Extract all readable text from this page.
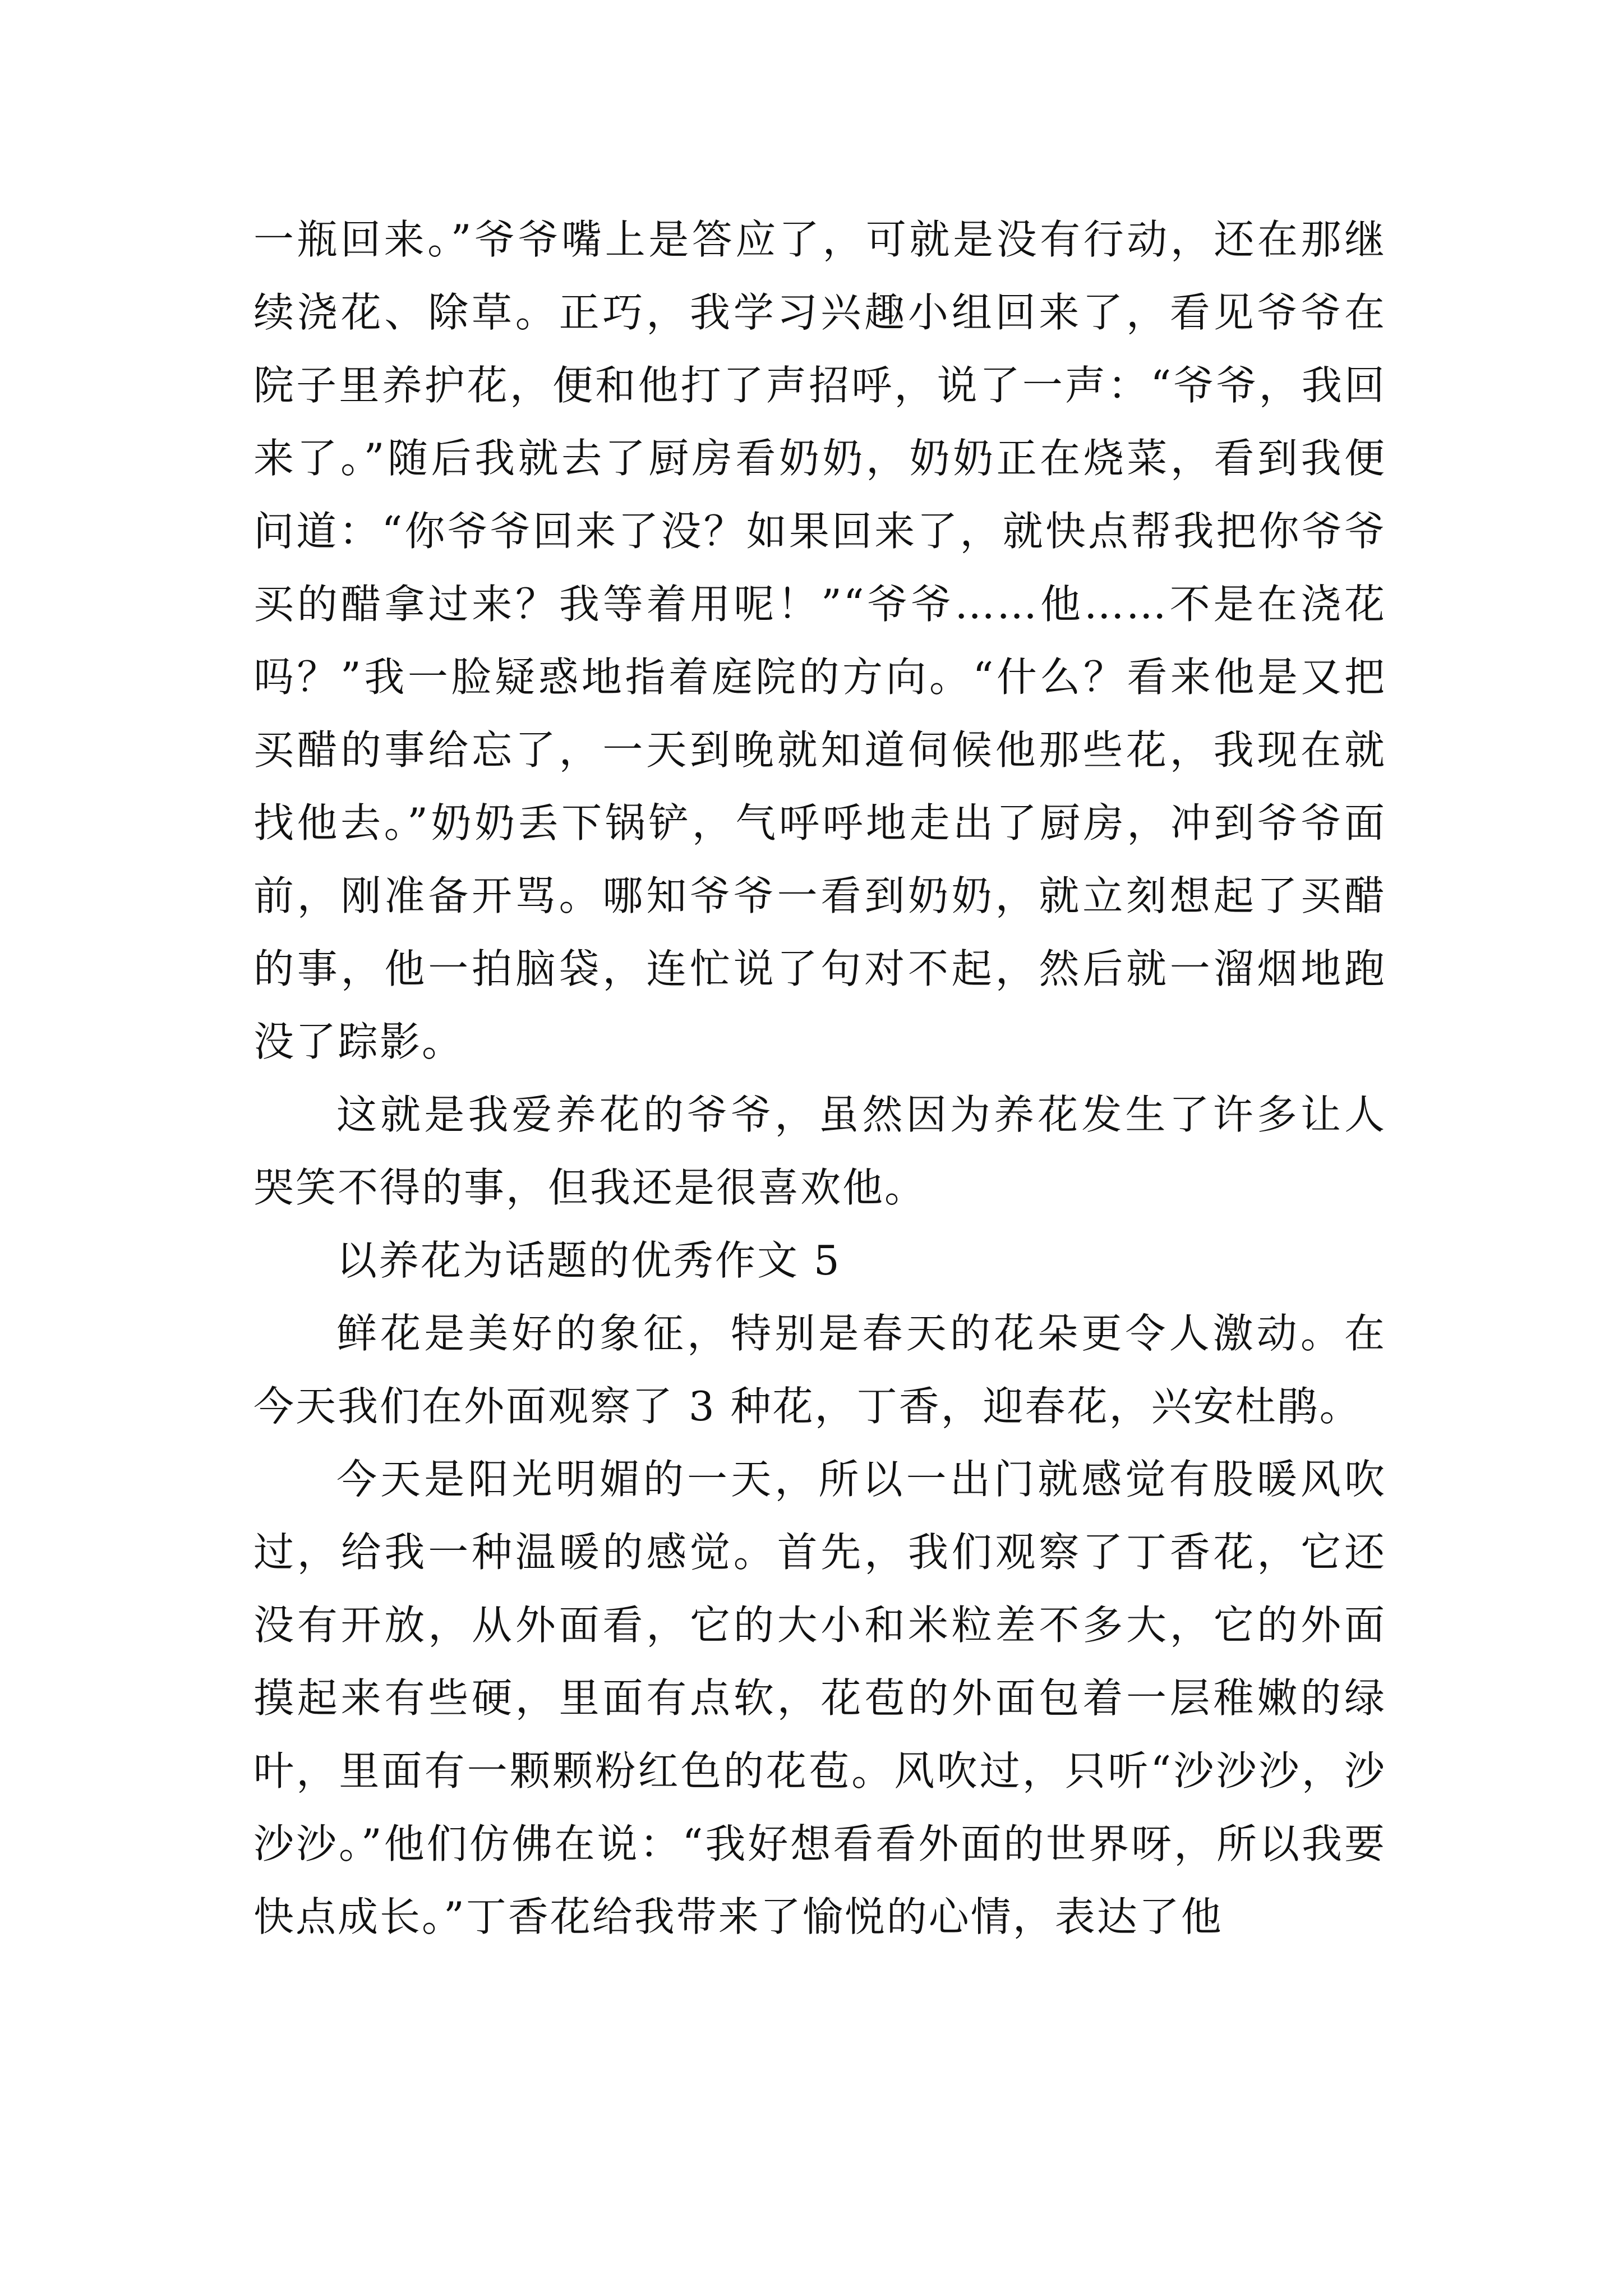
一瓶回来。”爷爷嘴上是答应了，可就是没有行动，还在那继续浇花、除草。正巧，我学习兴趣小组回来了，看见爷爷在院子里养护花，便和他打了声招呼，说了一声：“爷爷，我回来了。”随后我就去了厨房看奶奶，奶奶正在烧菜，看到我便问道：“你爷爷回来了没？如果回来了，就快点帮我把你爷爷买的醋拿过来？我等着用呢！”“爷爷……他……不是在浇花吗？”我一脸疑惑地指着庭院的方向。“什么？看来他是又把买醋的事给忘了，一天到晚就知道伺候他那些花，我现在就找他去。”奶奶丢下锅铲，气呼呼地走出了厨房，冲到爷爷面前，刚准备开骂。哪知爷爷一看到奶奶，就立刻想起了买醋的事，他一拍脑袋，连忙说了句对不起，然后就一溜烟地跑没了踪影。

这就是我爱养花的爷爷，虽然因为养花发生了许多让人哭笑不得的事，但我还是很喜欢他。

以养花为话题的优秀作文 5

鲜花是美好的象征，特别是春天的花朵更令人激动。在今天我们在外面观察了 3 种花，丁香，迎春花，兴安杜鹃。

今天是阳光明媚的一天，所以一出门就感觉有股暖风吹过，给我一种温暖的感觉。首先，我们观察了丁香花，它还没有开放，从外面看，它的大小和米粒差不多大，它的外面摸起来有些硬，里面有点软，花苞的外面包着一层稚嫩的绿叶，里面有一颗颗粉红色的花苞。风吹过，只听“沙沙沙，沙沙沙。”他们仿佛在说：“我好想看看外面的世界呀，所以我要快点成长。”丁香花给我带来了愉悦的心情，表达了他
